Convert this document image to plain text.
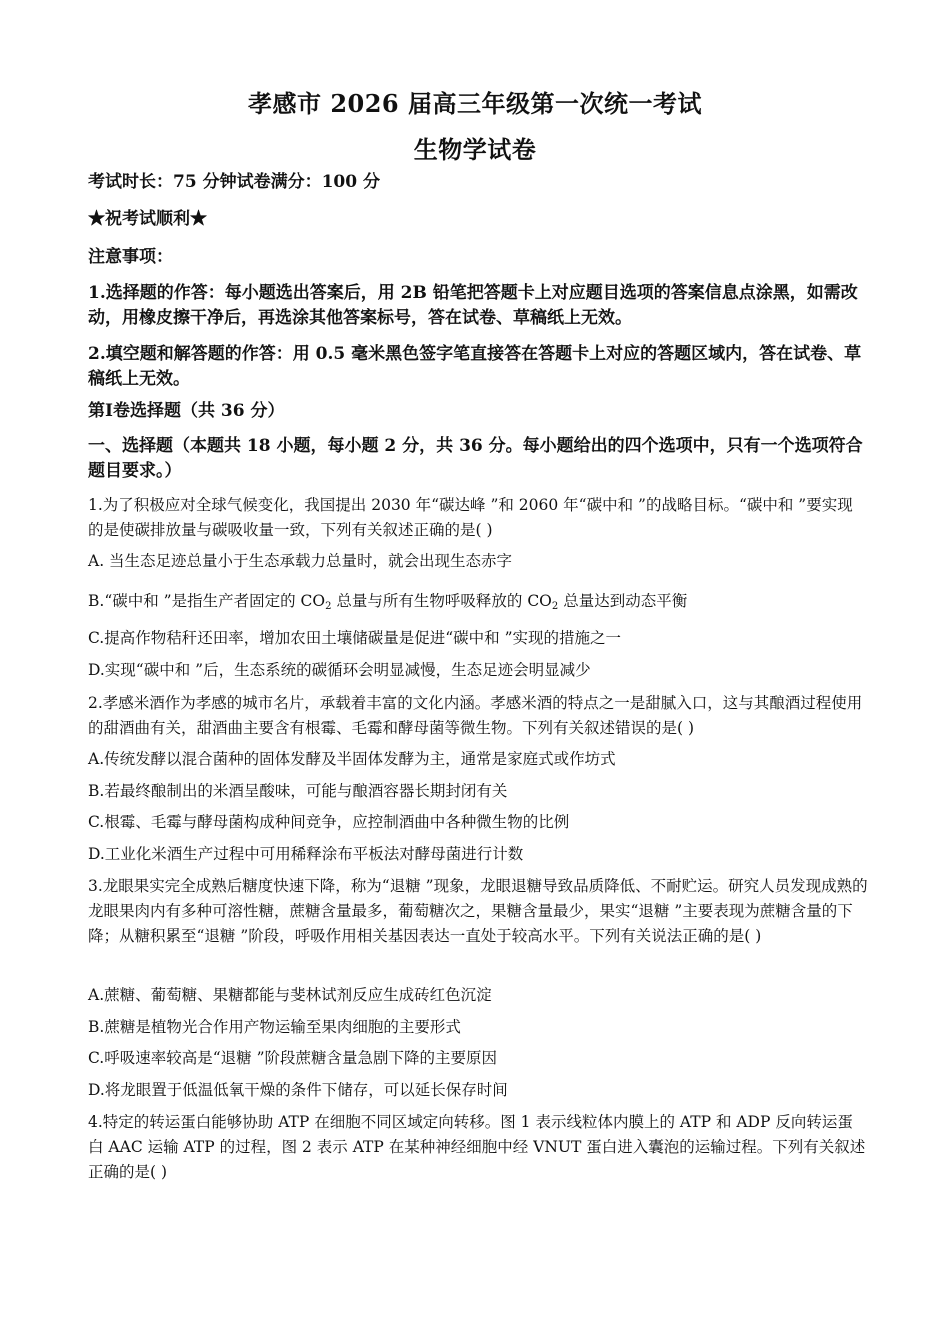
孝感市 2026 届高三年级第一次统一考试
生物学试卷
考试时长：75 分钟试卷满分：100 分
★祝考试顺利★
注意事项：
1.选择题的作答：每小题选出答案后，用 2B 铅笔把答题卡上对应题目选项的答案信息点涂黑，如需改动，用橡皮擦干净后，再选涂其他答案标号，答在试卷、草稿纸上无效。
2.填空题和解答题的作答：用 0.5 毫米黑色签字笔直接答在答题卡上对应的答题区域内，答在试卷、草稿纸上无效。
第Ⅰ卷选择题（共 36 分）
一、选择题（本题共 18 小题，每小题 2 分，共 36 分。每小题给出的四个选项中，只有一个选项符合题目要求。）
1.为了积极应对全球气候变化，我国提出 2030 年“碳达峰 ”和 2060 年“碳中和 ”的战略目标。“碳中和 ”要实现的是使碳排放量与碳吸收量一致，下列有关叙述正确的是( )
A. 当生态足迹总量小于生态承载力总量时，就会出现生态赤字
B.“碳中和 ”是指生产者固定的 $CO_2$ 总量与所有生物呼吸释放的 $CO_2$ 总量达到动态平衡
C.提高作物秸秆还田率，增加农田土壤储碳量是促进“碳中和 ”实现的措施之一
D.实现“碳中和 ”后，生态系统的碳循环会明显减慢，生态足迹会明显减少
2.孝感米酒作为孝感的城市名片，承载着丰富的文化内涵。孝感米酒的特点之一是甜腻入口，这与其酿酒过程使用的甜酒曲有关，甜酒曲主要含有根霉、毛霉和酵母菌等微生物。下列有关叙述错误的是( )
A.传统发酵以混合菌种的固体发酵及半固体发酵为主，通常是家庭式或作坊式
B.若最终酿制出的米酒呈酸味，可能与酿酒容器长期封闭有关
C.根霉、毛霉与酵母菌构成种间竞争，应控制酒曲中各种微生物的比例
D.工业化米酒生产过程中可用稀释涂布平板法对酵母菌进行计数
3.龙眼果实完全成熟后糖度快速下降，称为“退糖 ”现象，龙眼退糖导致品质降低、不耐贮运。研究人员发现成熟的龙眼果肉内有多种可溶性糖，蔗糖含量最多，葡萄糖次之，果糖含量最少，果实“退糖 ”主要表现为蔗糖含量的下降；从糖积累至“退糖 ”阶段，呼吸作用相关基因表达一直处于较高水平。下列有关说法正确的是( )
A.蔗糖、葡萄糖、果糖都能与斐林试剂反应生成砖红色沉淀
B.蔗糖是植物光合作用产物运输至果肉细胞的主要形式
C.呼吸速率较高是“退糖 ”阶段蔗糖含量急剧下降的主要原因
D.将龙眼置于低温低氧干燥的条件下储存，可以延长保存时间
4.特定的转运蛋白能够协助 ATP 在细胞不同区域定向转移。图 1 表示线粒体内膜上的 ATP 和 ADP 反向转运蛋白 AAC 运输 ATP 的过程，图 2 表示 ATP 在某种神经细胞中经 VNUT 蛋白进入囊泡的运输过程。下列有关叙述正确的是( )
